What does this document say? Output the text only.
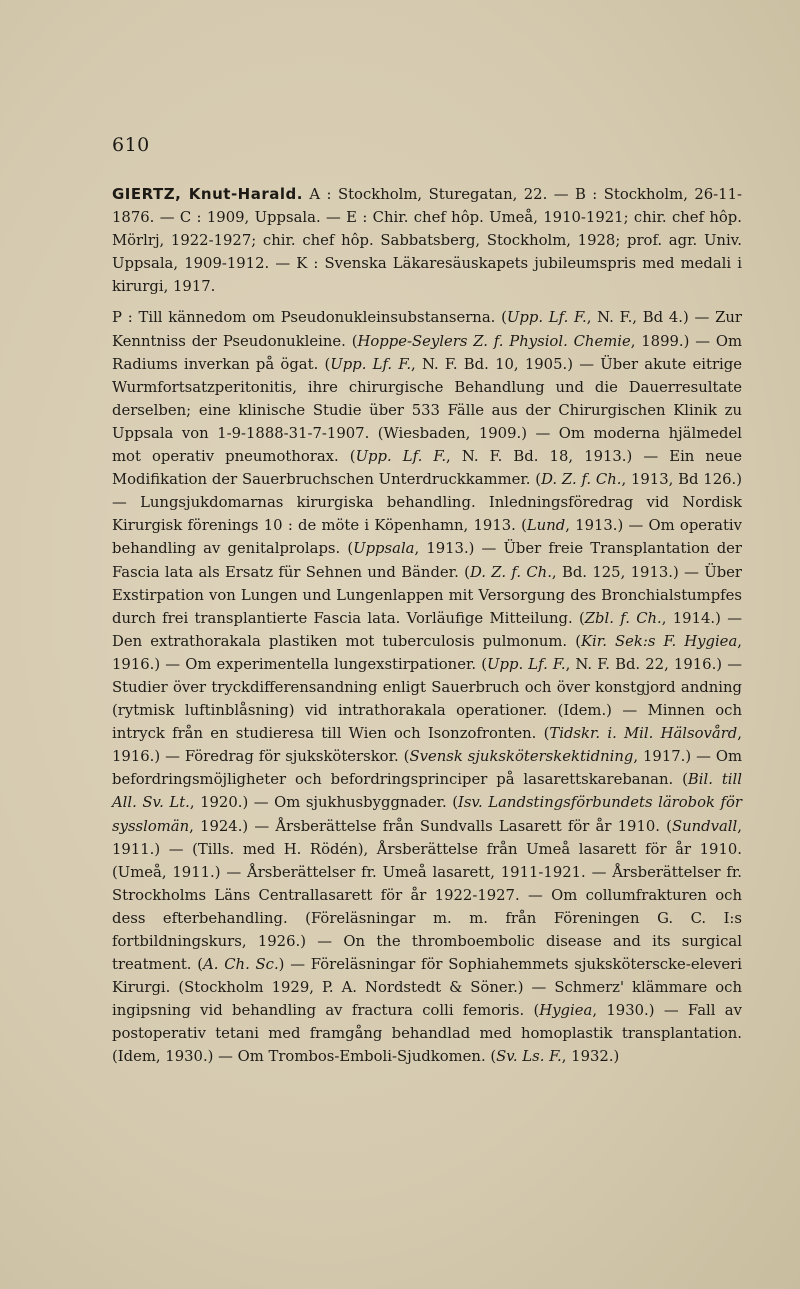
610

GIERTZ, Knut-Harald. A : Stockholm, Sturegatan, 22. — B : Stockholm, 26-11-1876. — C : 1909, Uppsala. — E : Chir. chef hôp. Umeå, 1910-1921; chir. chef hôp. Mörlrj, 1922-1927; chir. chef hôp. Sabbatsberg, Stockholm, 1928; prof. agr. Univ. Uppsala, 1909-1912. — K : Svenska Läkaresäuskapets jubileumspris med medali i kirurgi, 1917.

P : Till kännedom om Pseudonukleinsubstanserna. (Upp. Lf. F., N. F., Bd 4.) — Zur Kenntniss der Pseudonukleine. (Hoppe-Seylers Z. f. Physiol. Chemie, 1899.) — Om Radiums inverkan på ögat. (Upp. Lf. F., N. F. Bd. 10, 1905.) — Über akute eitrige Wurmfortsatzperitonitis, ihre chirurgische Behandlung und die Dauerresultate derselben; eine klinische Studie über 533 Fälle aus der Chirurgischen Klinik zu Uppsala von 1-9-1888-31-7-1907. (Wiesbaden, 1909.) — Om moderna hjälmedel mot operativ pneumothorax. (Upp. Lf. F., N. F. Bd. 18, 1913.) — Ein neue Modifikation der Sauerbruchschen Unterdruckkammer. (D. Z. f. Ch., 1913, Bd 126.) — Lungsjukdomarnas kirurgiska behandling. Inledningsföredrag vid Nordisk Kirurgisk förenings 10 : de möte i Köpenhamn, 1913. (Lund, 1913.) — Om operativ behandling av genitalprolaps. (Uppsala, 1913.) — Über freie Transplantation der Fascia lata als Ersatz für Sehnen und Bänder. (D. Z. f. Ch., Bd. 125, 1913.) — Über Exstirpation von Lungen und Lungenlappen mit Versorgung des Bronchialstumpfes durch frei transplantierte Fascia lata. Vorläufige Mitteilung. (Zbl. f. Ch., 1914.) — Den extrathorakala plastiken mot tuberculosis pulmonum. (Kir. Sek:s F. Hygiea, 1916.) — Om experimentella lungexstirpationer. (Upp. Lf. F., N. F. Bd. 22, 1916.) — Studier över tryckdifferensandning enligt Sauerbruch och över konstgjord andning (rytmisk luftinblåsning) vid intrathorakala operationer. (Idem.) — Minnen och intryck från en studieresa till Wien och Isonzofronten. (Tidskr. i. Mil. Hälsovård, 1916.) — Föredrag för sjuksköterskor. (Svensk sjuksköterskektidning, 1917.) — Om befordringsmöjligheter och befordringsprinciper på lasarettskarebanan. (Bil. till All. Sv. Lt., 1920.) — Om sjukhusbyggnader. (Isv. Landstingsförbundets lärobok för sysslomän, 1924.) — Årsberättelse från Sundvalls Lasarett för år 1910. (Sundvall, 1911.) — (Tills. med H. Rödén), Årsberättelse från Umeå lasarett för år 1910. (Umeå, 1911.) — Årsberättelser fr. Umeå lasarett, 1911-1921. — Årsberättelser fr. Strockholms Läns Centrallasarett för år 1922-1927. — Om collumfrakturen och dess efterbehandling. (Föreläsningar m. m. från Föreningen G. C. I:s fortbildningskurs, 1926.) — On the thromboembolic disease and its surgical treatment. (A. Ch. Sc.) — Föreläsningar för Sophiahemmets sjuksköterscke-eleveri Kirurgi. (Stockholm 1929, P. A. Nordstedt & Söner.) — Schmerz' klämmare och ingipsning vid behandling av fractura colli femoris. (Hygiea, 1930.) — Fall av postoperativ tetani med framgång behandlad med homoplastik transplantation. (Idem, 1930.) — Om Trombos-Emboli-Sjudkomen. (Sv. Ls. F., 1932.)
